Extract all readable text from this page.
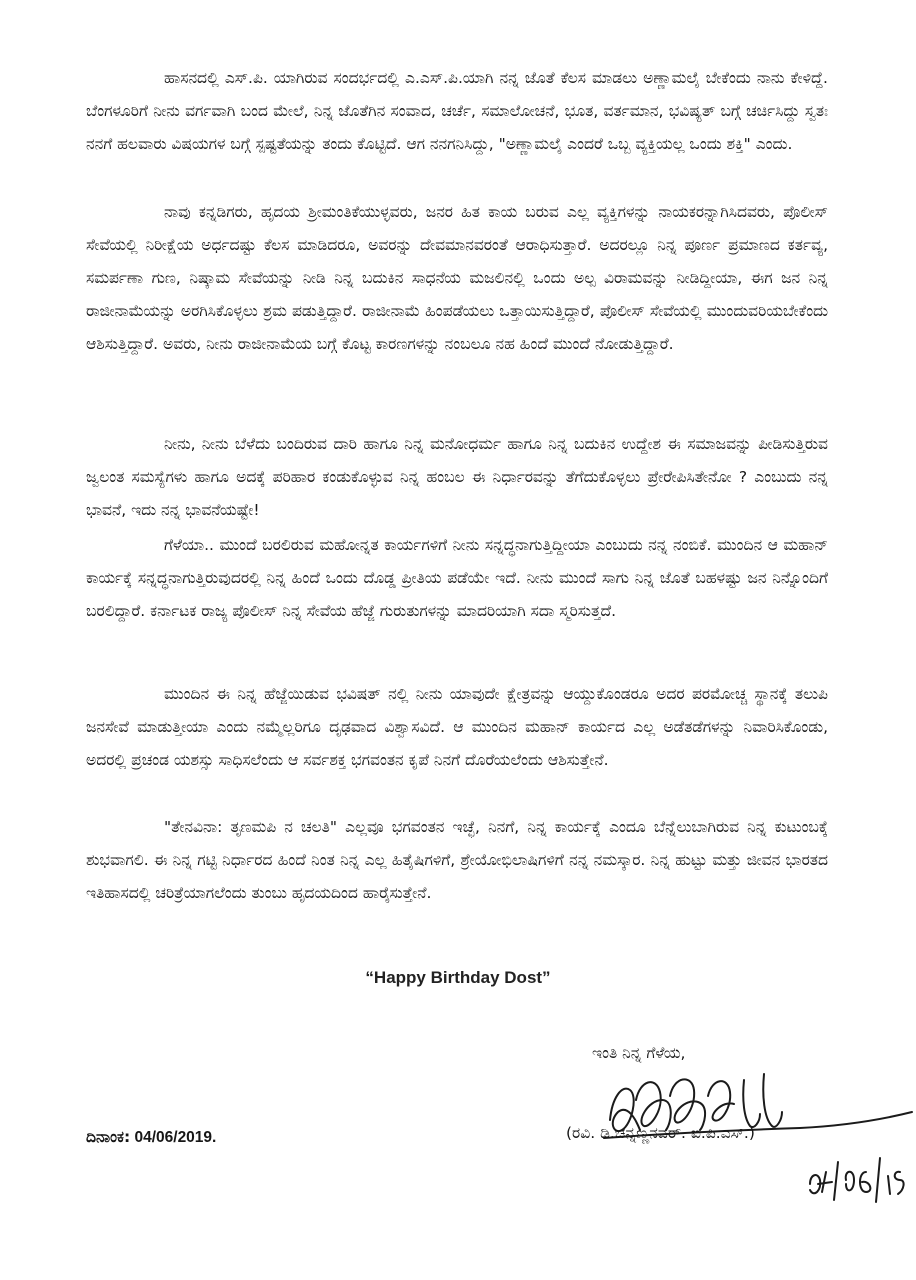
ಹಾಸನದಲ್ಲಿ ಎಸ್.ಪಿ. ಯಾಗಿರುವ ಸಂದರ್ಭದಲ್ಲಿ ಎ.ಎಸ್.ಪಿ.ಯಾಗಿ ನನ್ನ ಜೊತೆ ಕೆಲಸ ಮಾಡಲು ಅಣ್ಣಾಮಲೈ ಬೇಕೆಂದು ನಾನು ಕೇಳಿದ್ದೆ. ಬೆಂಗಳೂರಿಗೆ ನೀನು ವರ್ಗವಾಗಿ ಬಂದ ಮೇಲೆ, ನಿನ್ನ ಜೊತೆಗಿನ ಸಂವಾದ, ಚರ್ಚೆ, ಸಮಾಲೋಚನೆ, ಭೂತ, ವರ್ತಮಾನ, ಭವಿಷ್ಯತ್ ಬಗ್ಗೆ ಚರ್ಚಿಸಿದ್ದು ಸ್ವತಃ ನನಗೆ ಹಲವಾರು ವಿಷಯಗಳ ಬಗ್ಗೆ ಸ್ಪಷ್ಟತೆಯನ್ನು ತಂದು ಕೊಟ್ಟಿದೆ. ಆಗ ನನಗನಿಸಿದ್ದು, "ಅಣ್ಣಾಮಲೈ ಎಂದರೆ ಒಬ್ಬ ವ್ಯಕ್ತಿಯಲ್ಲ ಒಂದು ಶಕ್ತಿ" ಎಂದು.

ನಾವು ಕನ್ನಡಿಗರು, ಹೃದಯ ಶ್ರೀಮಂತಿಕೆಯುಳ್ಳವರು, ಜನರ ಹಿತ ಕಾಯ ಬರುವ ಎಲ್ಲ ವ್ಯಕ್ತಿಗಳನ್ನು ನಾಯಕರನ್ನಾಗಿಸಿದವರು, ಪೊಲೀಸ್ ಸೇವೆಯಲ್ಲಿ ನಿರೀಕ್ಷೆಯ ಅರ್ಧದಷ್ಟು ಕೆಲಸ ಮಾಡಿದರೂ, ಅವರನ್ನು ದೇವಮಾನವರಂತೆ ಆರಾಧಿಸುತ್ತಾರೆ. ಅದರಲ್ಲೂ ನಿನ್ನ ಪೂರ್ಣ ಪ್ರಮಾಣದ ಕರ್ತವ್ಯ, ಸಮರ್ಪಣಾ ಗುಣ, ನಿಷ್ಕಾಮ ಸೇವೆಯನ್ನು ನೀಡಿ ನಿನ್ನ ಬದುಕಿನ ಸಾಧನೆಯ ಮಜಲಿನಲ್ಲಿ ಒಂದು ಅಲ್ಪ ವಿರಾಮವನ್ನು ನೀಡಿದ್ದೀಯಾ, ಈಗ ಜನ ನಿನ್ನ ರಾಜೀನಾಮೆಯನ್ನು ಅರಗಿಸಿಕೊಳ್ಳಲು ಶ್ರಮ ಪಡುತ್ತಿದ್ದಾರೆ. ರಾಜೀನಾಮೆ ಹಿಂಪಡೆಯಲು ಒತ್ತಾಯಿಸುತ್ತಿದ್ದಾರೆ, ಪೊಲೀಸ್ ಸೇವೆಯಲ್ಲಿ ಮುಂದುವರಿಯಬೇಕೆಂದು ಆಶಿಸುತ್ತಿದ್ದಾರೆ. ಅವರು, ನೀನು ರಾಜೀನಾಮೆಯ ಬಗ್ಗೆ ಕೊಟ್ಟ ಕಾರಣಗಳನ್ನು ನಂಬಲೂ ನಹ ಹಿಂದೆ ಮುಂದೆ ನೋಡುತ್ತಿದ್ದಾರೆ.

ನೀನು, ನೀನು ಬೆಳೆದು ಬಂದಿರುವ ದಾರಿ ಹಾಗೂ ನಿನ್ನ ಮನೋಧರ್ಮ ಹಾಗೂ ನಿನ್ನ ಬದುಕಿನ ಉದ್ದೇಶ ಈ ಸಮಾಜವನ್ನು ಪೀಡಿಸುತ್ತಿರುವ ಜ್ವಲಂತ ಸಮಸ್ಯೆಗಳು ಹಾಗೂ ಅದಕ್ಕೆ ಪರಿಹಾರ ಕಂಡುಕೊಳ್ಳುವ ನಿನ್ನ ಹಂಬಲ ಈ ನಿರ್ಧಾರವನ್ನು ತೆಗೆದುಕೊಳ್ಳಲು ಪ್ರೇರೇಪಿಸಿತೇನೋ ? ಎಂಬುದು ನನ್ನ ಭಾವನೆ, ಇದು ನನ್ನ ಭಾವನೆಯಷ್ಟೇ!

ಗೆಳೆಯಾ.. ಮುಂದೆ ಬರಲಿರುವ ಮಹೋನ್ನತ ಕಾರ್ಯಗಳಿಗೆ ನೀನು ಸನ್ನದ್ಧನಾಗುತ್ತಿದ್ದೀಯಾ ಎಂಬುದು ನನ್ನ ನಂಬಿಕೆ. ಮುಂದಿನ ಆ ಮಹಾನ್ ಕಾರ್ಯಕ್ಕೆ ಸನ್ನದ್ಧನಾಗುತ್ತಿರುವುದರಲ್ಲಿ ನಿನ್ನ ಹಿಂದೆ ಒಂದು ದೊಡ್ಡ ಪ್ರೀತಿಯ ಪಡೆಯೇ ಇದೆ. ನೀನು ಮುಂದೆ ಸಾಗು ನಿನ್ನ ಜೊತೆ ಬಹಳಷ್ಟು ಜನ ನಿನ್ನೊಂದಿಗೆ ಬರಲಿದ್ದಾರೆ. ಕರ್ನಾಟಕ ರಾಜ್ಯ ಪೊಲೀಸ್ ನಿನ್ನ ಸೇವೆಯ ಹೆಜ್ಜೆ ಗುರುತುಗಳನ್ನು ಮಾದರಿಯಾಗಿ ಸದಾ ಸ್ಮರಿಸುತ್ತದೆ.

ಮುಂದಿನ ಈ ನಿನ್ನ ಹೆಜ್ಜೆಯಿಡುವ ಭವಿಷತ್ ನಲ್ಲಿ ನೀನು ಯಾವುದೇ ಕ್ಷೇತ್ರವನ್ನು ಆಯ್ದುಕೊಂಡರೂ ಅದರ ಪರಮೋಚ್ಚ ಸ್ಥಾನಕ್ಕೆ ತಲುಪಿ ಜನಸೇವೆ ಮಾಡುತ್ತೀಯಾ ಎಂದು ನಮ್ಮೆಲ್ಲರಿಗೂ ದೃಢವಾದ ವಿಶ್ವಾಸವಿದೆ. ಆ ಮುಂದಿನ ಮಹಾನ್ ಕಾರ್ಯದ ಎಲ್ಲ ಅಡೆತಡೆಗಳನ್ನು ನಿವಾರಿಸಿಕೊಂಡು, ಅದರಲ್ಲಿ ಪ್ರಚಂಡ ಯಶಸ್ಸು ಸಾಧಿಸಲೆಂದು ಆ ಸರ್ವಶಕ್ತ ಭಗವಂತನ ಕೃಪೆ ನಿನಗೆ ದೊರೆಯಲೆಂದು ಆಶಿಸುತ್ತೇನೆ.

"ತೇನವಿನಾ: ತೃಣಮಪಿ ನ ಚಲತಿ" ಎಲ್ಲವೂ ಭಗವಂತನ ಇಚ್ಛೆ, ನಿನಗೆ, ನಿನ್ನ ಕಾರ್ಯಕ್ಕೆ ಎಂದೂ ಬೆನ್ನೆಲುಬಾಗಿರುವ ನಿನ್ನ ಕುಟುಂಬಕ್ಕೆ ಶುಭವಾಗಲಿ. ಈ ನಿನ್ನ ಗಟ್ಟಿ ನಿರ್ಧಾರದ ಹಿಂದೆ ನಿಂತ ನಿನ್ನ ಎಲ್ಲ ಹಿತೈಷಿಗಳಿಗೆ, ಶ್ರೇಯೋಭಿಲಾಷಿಗಳಿಗೆ ನನ್ನ ನಮಸ್ಕಾರ. ನಿನ್ನ ಹುಟ್ಟು ಮತ್ತು ಜೀವನ ಭಾರತದ ಇತಿಹಾಸದಲ್ಲಿ ಚರಿತ್ರೆಯಾಗಲೆಂದು ತುಂಬು ಹೃದಯದಿಂದ ಹಾರೈಸುತ್ತೇನೆ.

“Happy Birthday Dost”
ಇಂತಿ ನಿನ್ನ ಗೆಳೆಯ,
(ರವಿ. ಡಿ.ಚನ್ನಣ್ಣನವರ್. ಐ.ಪಿ.ಎಸ್.)
ದಿನಾಂಕ: 04/06/2019.
